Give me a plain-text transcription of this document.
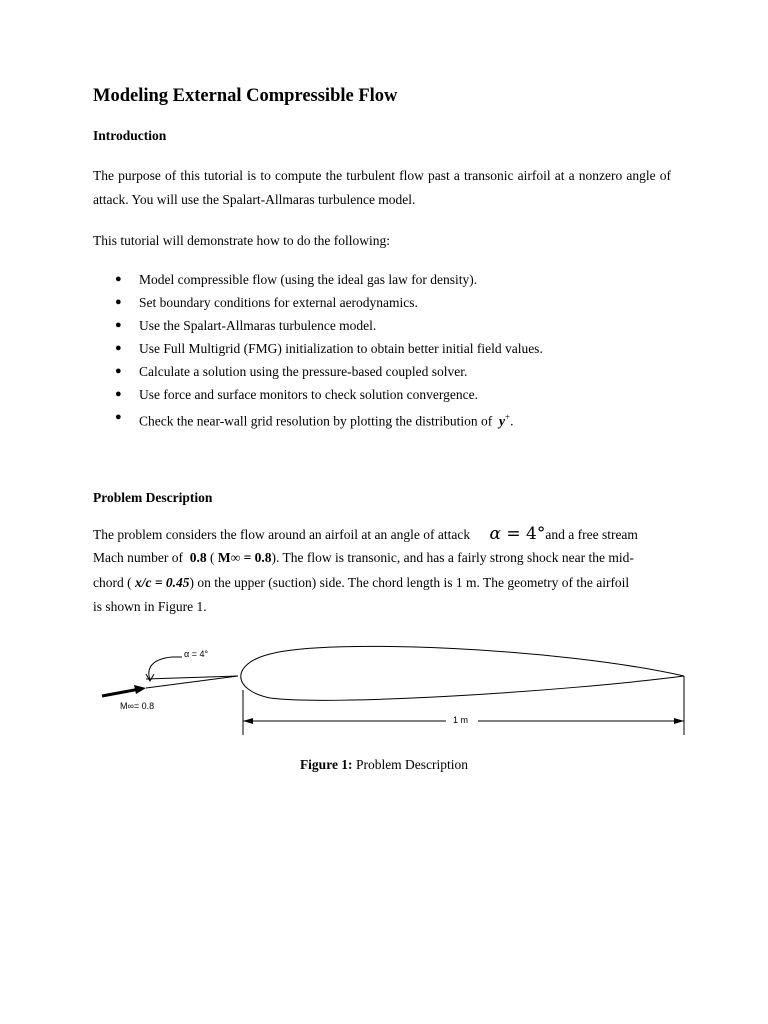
Modeling External Compressible Flow
Introduction
The purpose of this tutorial is to compute the turbulent flow past a transonic airfoil at a nonzero angle of attack. You will use the Spalart-Allmaras turbulence model.
This tutorial will demonstrate how to do the following:
● Model compressible flow (using the ideal gas law for density).
● Set boundary conditions for external aerodynamics.
● Use the Spalart-Allmaras turbulence model.
● Use Full Multigrid (FMG) initialization to obtain better initial field values.
● Calculate a solution using the pressure-based coupled solver.
● Use force and surface monitors to check solution convergence.
● Check the near-wall grid resolution by plotting the distribution of y+.
Problem Description
The problem considers the flow around an airfoil at an angle of attack α = 4°and a free stream
Mach number of 0.8 ( M∞ = 0.8). The flow is transonic, and has a fairly strong shock near the mid-
chord ( x/c = 0.45) on the upper (suction) side. The chord length is 1 m. The geometry of the airfoil
is shown in Figure 1.
α = 4°
M∞= 0.8
1 m
Figure 1: Problem Description
